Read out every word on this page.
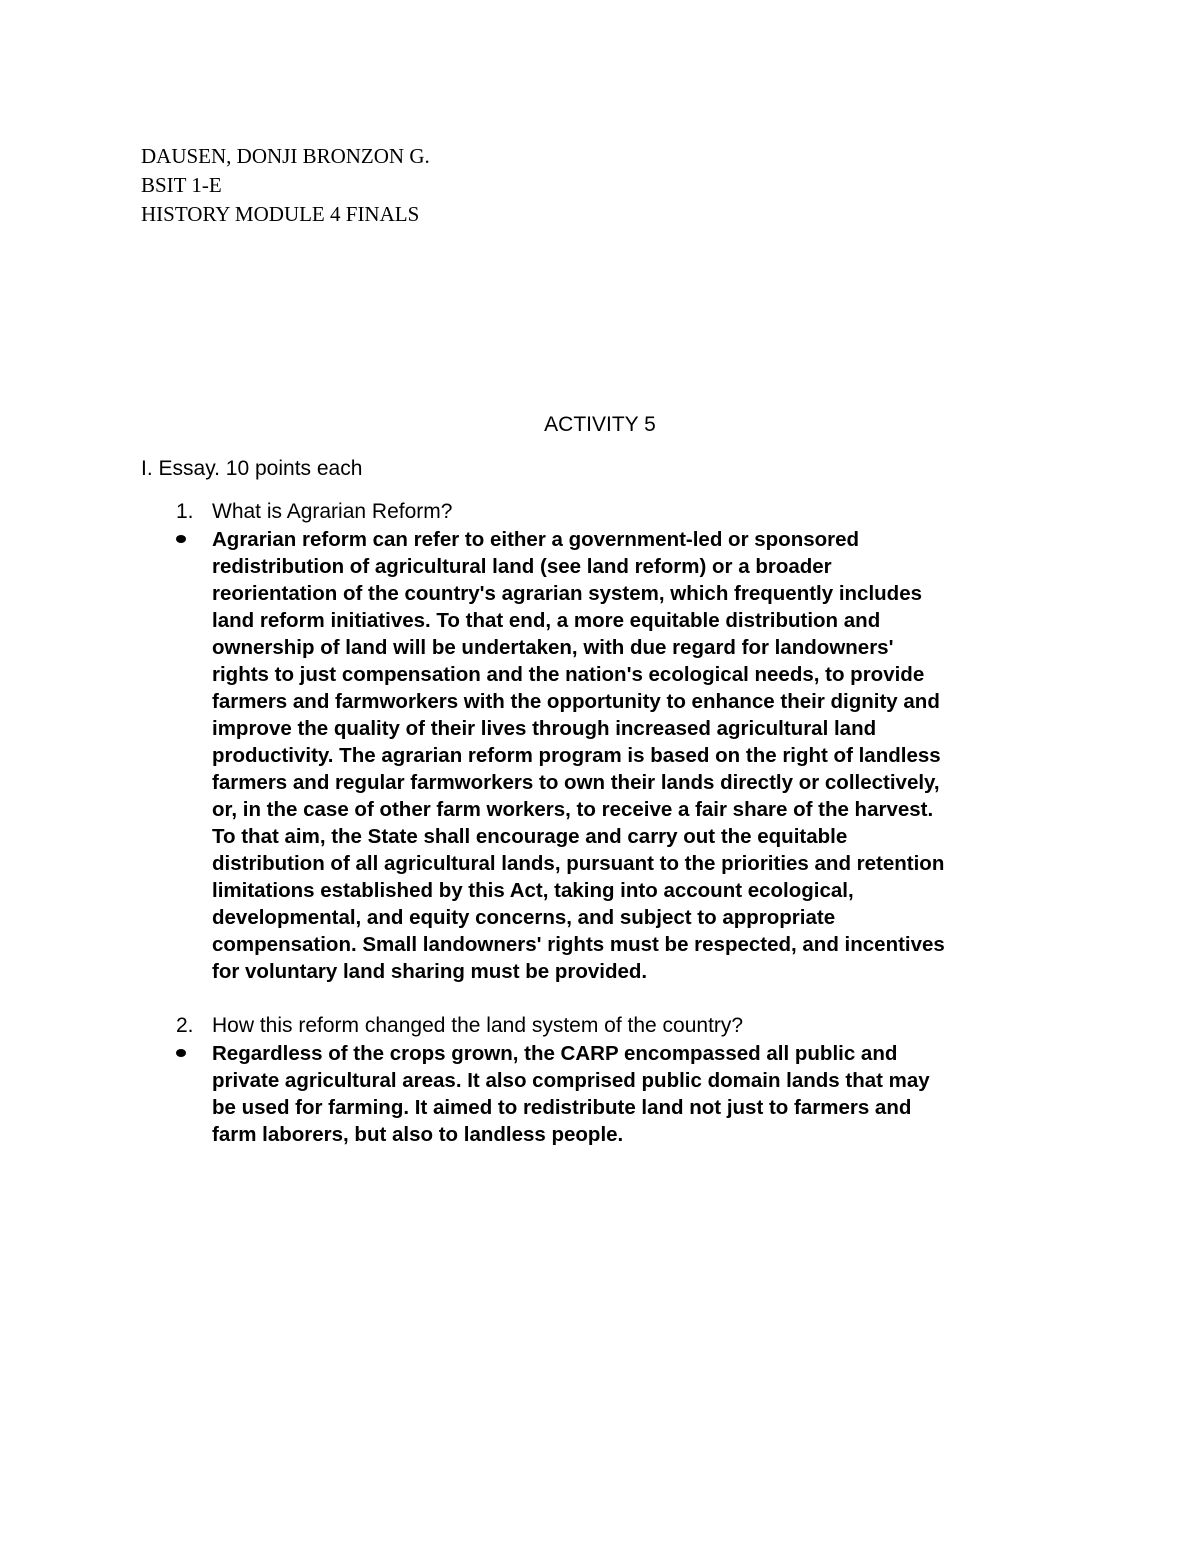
DAUSEN, DONJI BRONZON G.
BSIT 1-E
HISTORY MODULE 4 FINALS
ACTIVITY 5
I. Essay. 10 points each
1. What is Agrarian Reform?
Agrarian reform can refer to either a government-led or sponsored
redistribution of agricultural land (see land reform) or a broader
reorientation of the country's agrarian system, which frequently includes
land reform initiatives. To that end, a more equitable distribution and
ownership of land will be undertaken, with due regard for landowners'
rights to just compensation and the nation's ecological needs, to provide
farmers and farmworkers with the opportunity to enhance their dignity and
improve the quality of their lives through increased agricultural land
productivity. The agrarian reform program is based on the right of landless
farmers and regular farmworkers to own their lands directly or collectively,
or, in the case of other farm workers, to receive a fair share of the harvest.
To that aim, the State shall encourage and carry out the equitable
distribution of all agricultural lands, pursuant to the priorities and retention
limitations established by this Act, taking into account ecological,
developmental, and equity concerns, and subject to appropriate
compensation. Small landowners' rights must be respected, and incentives
for voluntary land sharing must be provided.
2. How this reform changed the land system of the country?
Regardless of the crops grown, the CARP encompassed all public and
private agricultural areas. It also comprised public domain lands that may
be used for farming. It aimed to redistribute land not just to farmers and
farm laborers, but also to landless people.
